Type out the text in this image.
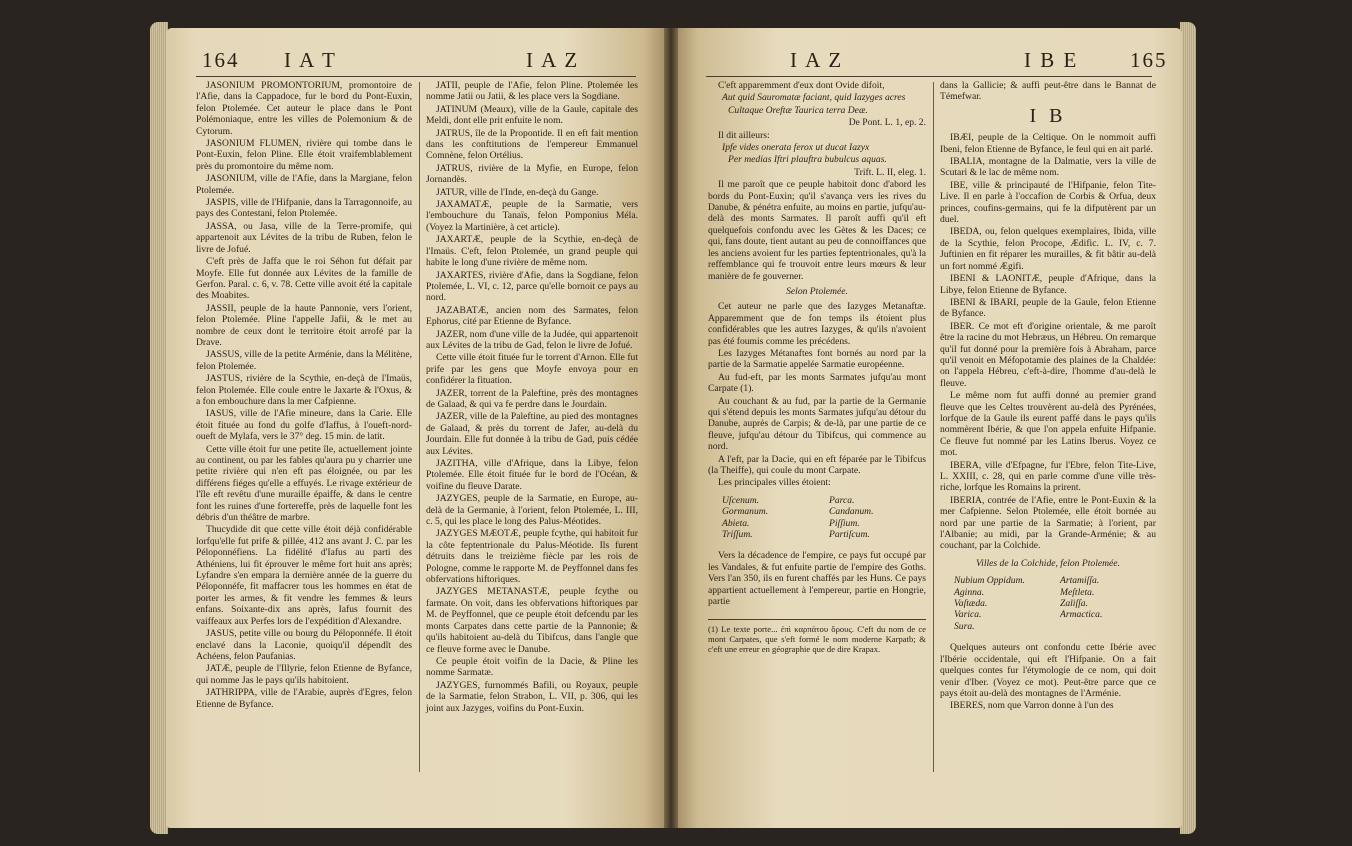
164 I A T	I A Z

JASONIUM PROMONTORIUM, promontoire de l'Afie, dans la Cappadoce, fur le bord du Pont-Euxin, felon Ptolemée. Cet auteur le place dans le Pont Polémoniaque, entre les villes de Polemonium & de Cytorum.

JASONIUM FLUMEN, rivière qui tombe dans le Pont-Euxin, felon Pline. Elle étoit vraifemblablement près du promontoire du même nom.

JASONIUM, ville de l'Afie, dans la Margiane, felon Ptolemée.

JASPIS, ville de l'Hifpanie, dans la Tarragonnoife, au pays des Contestani, felon Ptolemée.

JASSA, ou Jasa, ville de la Terre-promife, qui appartenoit aux Lévites de la tribu de Ruben, felon le livre de Jofué.

C'eft près de Jaffa que le roi Séhon fut défait par Moyfe. Elle fut donnée aux Lévites de la famille de Gerfon. Paral. c. 6, v. 78. Cette ville avoit été la capitale des Moabites.

JASSII, peuple de la haute Pannonie, vers l'orient, felon Ptolemée. Pline l'appelle Jafii, & le met au nombre de ceux dont le territoire étoit arrofé par la Drave.

JASSUS, ville de la petite Arménie, dans la Mélitène, felon Ptolemée.

JASTUS, rivière de la Scythie, en-deçà de l'Imaüs, felon Ptolemée. Elle coule entre le Jaxarte & l'Oxus, & a fon embouchure dans la mer Cafpienne.

IASUS, ville de l'Afie mineure, dans la Carie. Elle étoit fituée au fond du golfe d'Iaffus, à l'oueft-nord-oueft de Mylafa, vers le 37° deg. 15 min. de latit.

Cette ville étoit fur une petite île, actuellement jointe au continent, ou par les fables qu'aura pu y charrier une petite rivière qui n'en eft pas éloignée, ou par les différens fiéges qu'elle a effuyés. Le rivage extérieur de l'île eft revêtu d'une muraille épaiffe, & dans le centre font les ruines d'une fortereffe, près de laquelle font les débris d'un théâtre de marbre.

Thucydide dit que cette ville étoit déjà confidérable lorfqu'elle fut prife & pillée, 412 ans avant J. C. par les Péloponnéfiens. La fidélité d'Iafus au parti des Athéniens, lui fit éprouver le même fort huit ans après; Lyfandre s'en empara la dernière année de la guerre du Péloponnéfe, fit maffacrer tous les hommes en état de porter les armes, & fit vendre les femmes & leurs enfans. Soixante-dix ans après, Iafus fournit des vaiffeaux aux Perfes lors de l'expédition d'Alexandre.

JASUS, petite ville ou bourg du Péloponnéfe. Il étoit enclavé dans la Laconie, quoiqu'il dépendît des Achéens, felon Paufanias.

JATÆ, peuple de l'Illyrie, felon Etienne de Byfance, qui nomme Jas le pays qu'ils habitoient.

JATHRIPPA, ville de l'Arabie, auprès d'Egres, felon Etienne de Byfance.

JATII, peuple de l'Afie, felon Pline. Ptolemée les nomme Jatii ou Jatii, & les place vers la Sogdiane.

JATINUM (Meaux), ville de la Gaule, capitale des Meldi, dont elle prit enfuite le nom.

JATRUS, île de la Propontide. Il en eft fait mention dans les conftitutions de l'empereur Emmanuel Comnène, felon Ortélius.

JATRUS, rivière de la Myfie, en Europe, felon Jornandès.

JATUR, ville de l'Inde, en-deçà du Gange.

JAXAMATÆ, peuple de la Sarmatie, vers l'embouchure du Tanaïs, felon Pomponius Méla. (Voyez la Martinière, à cet article).

JAXARTÆ, peuple de la Scythie, en-deçà de l'Imaüs. C'eft, felon Ptolemée, un grand peuple qui habite le long d'une rivière de même nom.

JAXARTES, rivière d'Afie, dans la Sogdiane, felon Ptolemée, L. VI, c. 12, parce qu'elle bornoit ce pays au nord.

JAZABATÆ, ancien nom des Sarmates, felon Ephorus, cité par Etienne de Byfance.

JAZER, nom d'une ville de la Judée, qui appartenoit aux Lévites de la tribu de Gad, felon le livre de Jofué.

Cette ville étoit fituée fur le torrent d'Arnon. Elle fut prife par les gens que Moyfe envoya pour en confidérer la fituation.

JAZER, torrent de la Paleftine, près des montagnes de Galaad, & qui va fe perdre dans le Jourdain.

JAZER, ville de la Paleftine, au pied des montagnes de Galaad, & près du torrent de Jafer, au-delà du Jourdain. Elle fut donnée à la tribu de Gad, puis cédée aux Lévites.

JAZITHA, ville d'Afrique, dans la Libye, felon Ptolemée. Elle étoit fituée fur le bord de l'Océan, & voifine du fleuve Darate.

JAZYGES, peuple de la Sarmatie, en Europe, au-delà de la Germanie, à l'orient, felon Ptolemée, L. III, c. 5, qui les place le long des Palus-Méotides.

JAZYGES MÆOTÆ, peuple fcythe, qui habitoit fur la côte feptentrionale du Palus-Méotide. Ils furent détruits dans le treizième fiècle par les rois de Pologne, comme le rapporte M. de Peyffonnel dans fes obfervations hiftoriques.

JAZYGES METANASTÆ, peuple fcythe ou farmate. On voit, dans les obfervations hiftoriques par M. de Peyffonnel, que ce peuple étoit defcendu par les monts Carpates dans cette partie de la Pannonie; & qu'ils habitoient au-delà du Tibifcus, dans l'angle que ce fleuve forme avec le Danube.

Ce peuple étoit voifin de la Dacie, & Pline les nomme Sarmatæ.

JAZYGES, furnommés Bafili, ou Royaux, peuple de la Sarmatie, felon Strabon, L. VII, p. 306, qui les joint aux Jazyges, voifins du Pont-Euxin.

I A Z	I B E 165

C'eft apparemment d'eux dont Ovide difoit,

Aut quid Sauromatæ faciant, quid Iazyges acres

Cultaque Oreftæ Taurica terra Deæ.

De Pont. L. 1, ep. 2.

Il dit ailleurs:

Ipfe vides onerata ferox ut ducat Iazyx

Per medias Iftri plauftra bubulcus aquas.

Trift. L. II, eleg. 1.

Il me paroît que ce peuple habitoit donc d'abord les bords du Pont-Euxin; qu'il s'avança vers les rives du Danube, & pénétra enfuite, au moins en partie, jufqu'au-delà des monts Sarmates. Il paroît auffi qu'il eft quelquefois confondu avec les Gètes & les Daces; ce qui, fans doute, tient autant au peu de connoiffances que les anciens avoient fur les parties feptentrionales, qu'à la reffemblance qui fe trouvoit entre leurs mœurs & leur manière de fe gouverner.

Selon Ptolemée.

Cet auteur ne parle que des Iazyges Metanaftæ. Apparemment que de fon temps ils étoient plus confidérables que les autres Iazyges, & qu'ils n'avoient pas été foumis comme les précédens.

Les Iazyges Métanaftes font bornés au nord par la partie de la Sarmatie appelée Sarmatie européenne.

Au fud-eft, par les monts Sarmates jufqu'au mont Carpate (1).

Au couchant & au fud, par la partie de la Germanie qui s'étend depuis les monts Sarmates jufqu'au détour du Danube, auprès de Carpis; & de-là, par une partie de ce fleuve, jufqu'au détour du Tibifcus, qui commence au nord.

A l'eft, par la Dacie, qui en eft féparée par le Tibifcus (la Theiffe), qui coule du mont Carpate.

Les principales villes étoient:

Uſcenum.	Parca.
Gormanum.	Candanum.
Abieta.	Piſſium.
Triſſum.	Partiſcum.

Vers la décadence de l'empire, ce pays fut occupé par les Vandales, & fut enfuite partie de l'empire des Goths. Vers l'an 350, ils en furent chaffés par les Huns. Ce pays appartient actuellement à l'empereur, partie en Hongrie, partie

(1) Le texte porte... ἐπὶ καρπάτου ὄρους. C'eft du nom de ce mont Carpates, que s'eft formé le nom moderne Karpatb; & c'eft une erreur en géographie que de dire Krapax.

dans la Gallicie; & auffi peut-être dans le Bannat de Témefwar.

I B

IBÆI, peuple de la Celtique. On le nommoit auffi Ibeni, felon Etienne de Byfance, le feul qui en ait parlé.

IBALIA, montagne de la Dalmatie, vers la ville de Scutari & le lac de même nom.

IBE, ville & principauté de l'Hifpanie, felon Tite-Live. Il en parle à l'occafion de Corbis & Orfua, deux princes, coufins-germains, qui fe la difputèrent par un duel.

IBEDA, ou, felon quelques exemplaires, Ibida, ville de la Scythie, felon Procope, Ædific. L. IV, c. 7. Juftinien en fit réparer les murailles, & fit bâtir au-delà un fort nommé Ægifi.

IBENI & LAONITÆ, peuple d'Afrique, dans la Libye, felon Etienne de Byfance.

IBENI & IBARI, peuple de la Gaule, felon Etienne de Byfance.

IBER. Ce mot eft d'origine orientale, & me paroît être la racine du mot Hebræus, un Hébreu. On remarque qu'il fut donné pour la première fois à Abraham, parce qu'il venoit en Méfopotamie des plaines de la Chaldée: on l'appela Hébreu, c'eft-à-dire, l'homme d'au-delà le fleuve.

Le même nom fut auffi donné au premier grand fleuve que les Celtes trouvèrent au-delà des Pyrénées, lorfque de la Gaule ils eurent paffé dans le pays qu'ils nommèrent Ibérie, & que l'on appela enfuite Hifpanie. Ce fleuve fut nommé par les Latins Iberus. Voyez ce mot.

IBERA, ville d'Efpagne, fur l'Ebre, felon Tite-Live, L. XXIII, c. 28, qui en parle comme d'une ville très-riche, lorfque les Romains la prirent.

IBERIA, contrée de l'Afie, entre le Pont-Euxin & la mer Cafpienne. Selon Ptolemée, elle étoit bornée au nord par une partie de la Sarmatie; à l'orient, par l'Albanie; au midi, par la Grande-Arménie; & au couchant, par la Colchide.

Villes de la Colchide, felon Ptolemée.

Nubium Oppidum.	Artamiſſa.
Aginna.	Meſtleta.
Vaſtæda.	Zaliſſa.
Varica.	Armactica.
Sura.

Quelques auteurs ont confondu cette Ibérie avec l'Ibérie occidentale, qui eft l'Hifpanie. On a fait quelques contes fur l'étymologie de ce nom, qui doit venir d'Iber. (Voyez ce mot). Peut-être parce que ce pays étoit au-delà des montagnes de l'Arménie.

IBERES, nom que Varron donne à l'un des
